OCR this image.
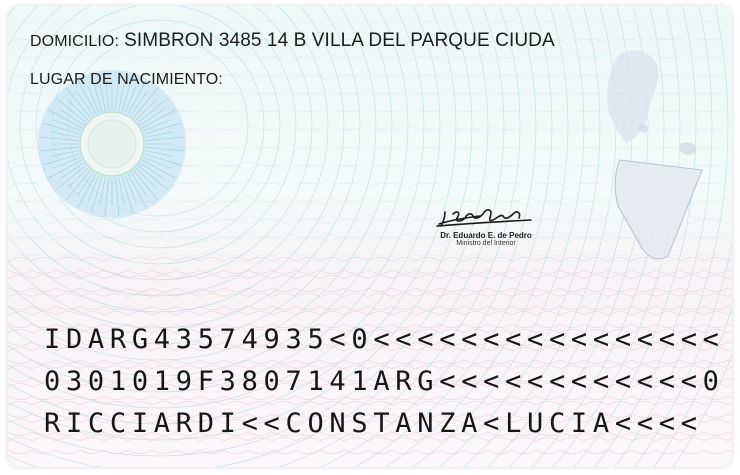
DOMICILIO: SIMBRON 3485 14 B VILLA DEL PARQUE CIUDA
LUGAR DE NACIMIENTO:
Dr. Eduardo E. de Pedro
Ministro del Interior
IDARG43574935<0<<<<<<<<<<<<<<<<
0301019F3807141ARG<<<<<<<<<<<<0
RICCIARDI<<CONSTANZA<LUCIA<<<<
